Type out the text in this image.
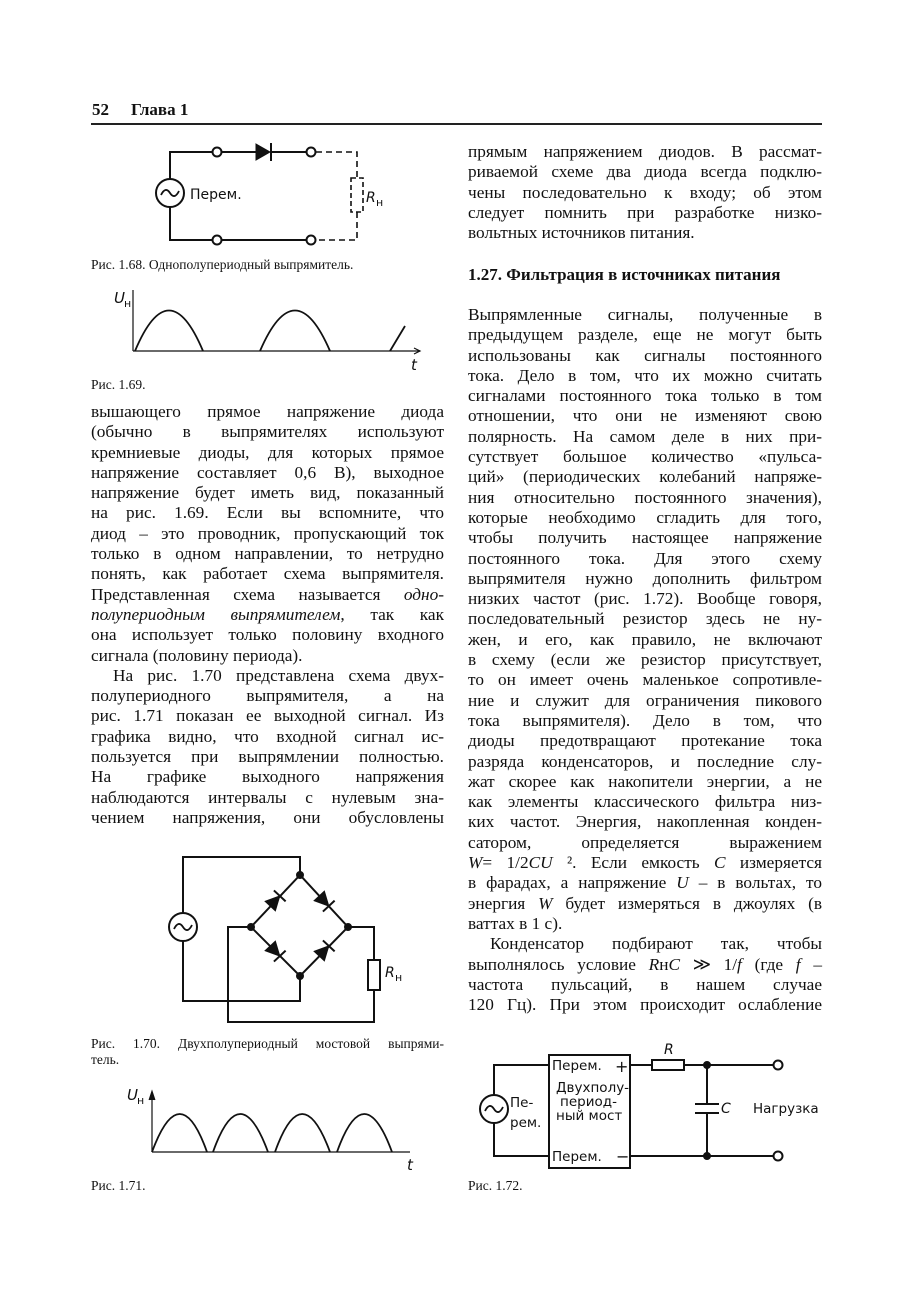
52 Глава 1
вышающего прямое напряжение диода
(обычно в выпрямителях используют
кремниевые диоды, для которых прямое
напряжение составляет 0,6 В), выходное
напряжение будет иметь вид, показанный
на рис. 1.69. Если вы вспомните, что
диод – это проводник, пропускающий ток
только в одном направлении, то нетрудно
понять, как работает схема выпрямителя.
Представленная схема называется одно-
полупериодным выпрямителем, так как
она использует только половину входного
сигнала (половину периода).
На рис. 1.70 представлена схема двух-
полупериодного выпрямителя, а на
рис. 1.71 показан ее выходной сигнал. Из
графика видно, что входной сигнал ис-
пользуется при выпрямлении полностью.
На графике выходного напряжения
наблюдаются интервалы с нулевым зна-
чением напряжения, они обусловлены
прямым напряжением диодов. В рассмат-
риваемой схеме два диода всегда подклю-
чены последовательно к входу; об этом
следует помнить при разработке низко-
вольтных источников питания.
1.27. Фильтрация в источниках питания
Выпрямленные сигналы, полученные в
предыдущем разделе, еще не могут быть
использованы как сигналы постоянного
тока. Дело в том, что их можно считать
сигналами постоянного тока только в том
отношении, что они не изменяют свою
полярность. На самом деле в них при-
сутствует большое количество «пульса-
ций» (периодических колебаний напряже-
ния относительно постоянного значения),
которые необходимо сгладить для того,
чтобы получить настоящее напряжение
постоянного тока. Для этого схему
выпрямителя нужно дополнить фильтром
низких частот (рис. 1.72). Вообще говоря,
последовательный резистор здесь не ну-
жен, и его, как правило, не включают
в схему (если же резистор присутствует,
то он имеет очень маленькое сопротивле-
ние и служит для ограничения пикового
тока выпрямителя). Дело в том, что
диоды предотвращают протекание тока
разряда конденсаторов, и последние слу-
жат скорее как накопители энергии, а не
как элементы классического фильтра низ-
ких частот. Энергия, накопленная конден-
сатором, определяется выражением
W= 1/2CU ². Если емкость C измеряется
в фарадах, а напряжение U – в вольтах, то
энергия W будет измеряться в джоулях (в
ваттах в 1 с).
Конденсатор подбирают так, чтобы
выполнялось условие RнC ≫ 1/f (где f –
частота пульсаций, в нашем случае
120 Гц). При этом происходит ослабление
Рис. 1.68. Однополупериодный выпрямитель.
Рис. 1.69.
Рис. 1.70. Двухполупериодный мостовой выпрями-
тель.
Рис. 1.71.	Рис. 1.72.
Перем.	R н
U н
t
R н
U н
t
Пе-
рем.
Перем. +
Двухполу-
период-
ный мост
Перем. −
R
C Нагрузка
